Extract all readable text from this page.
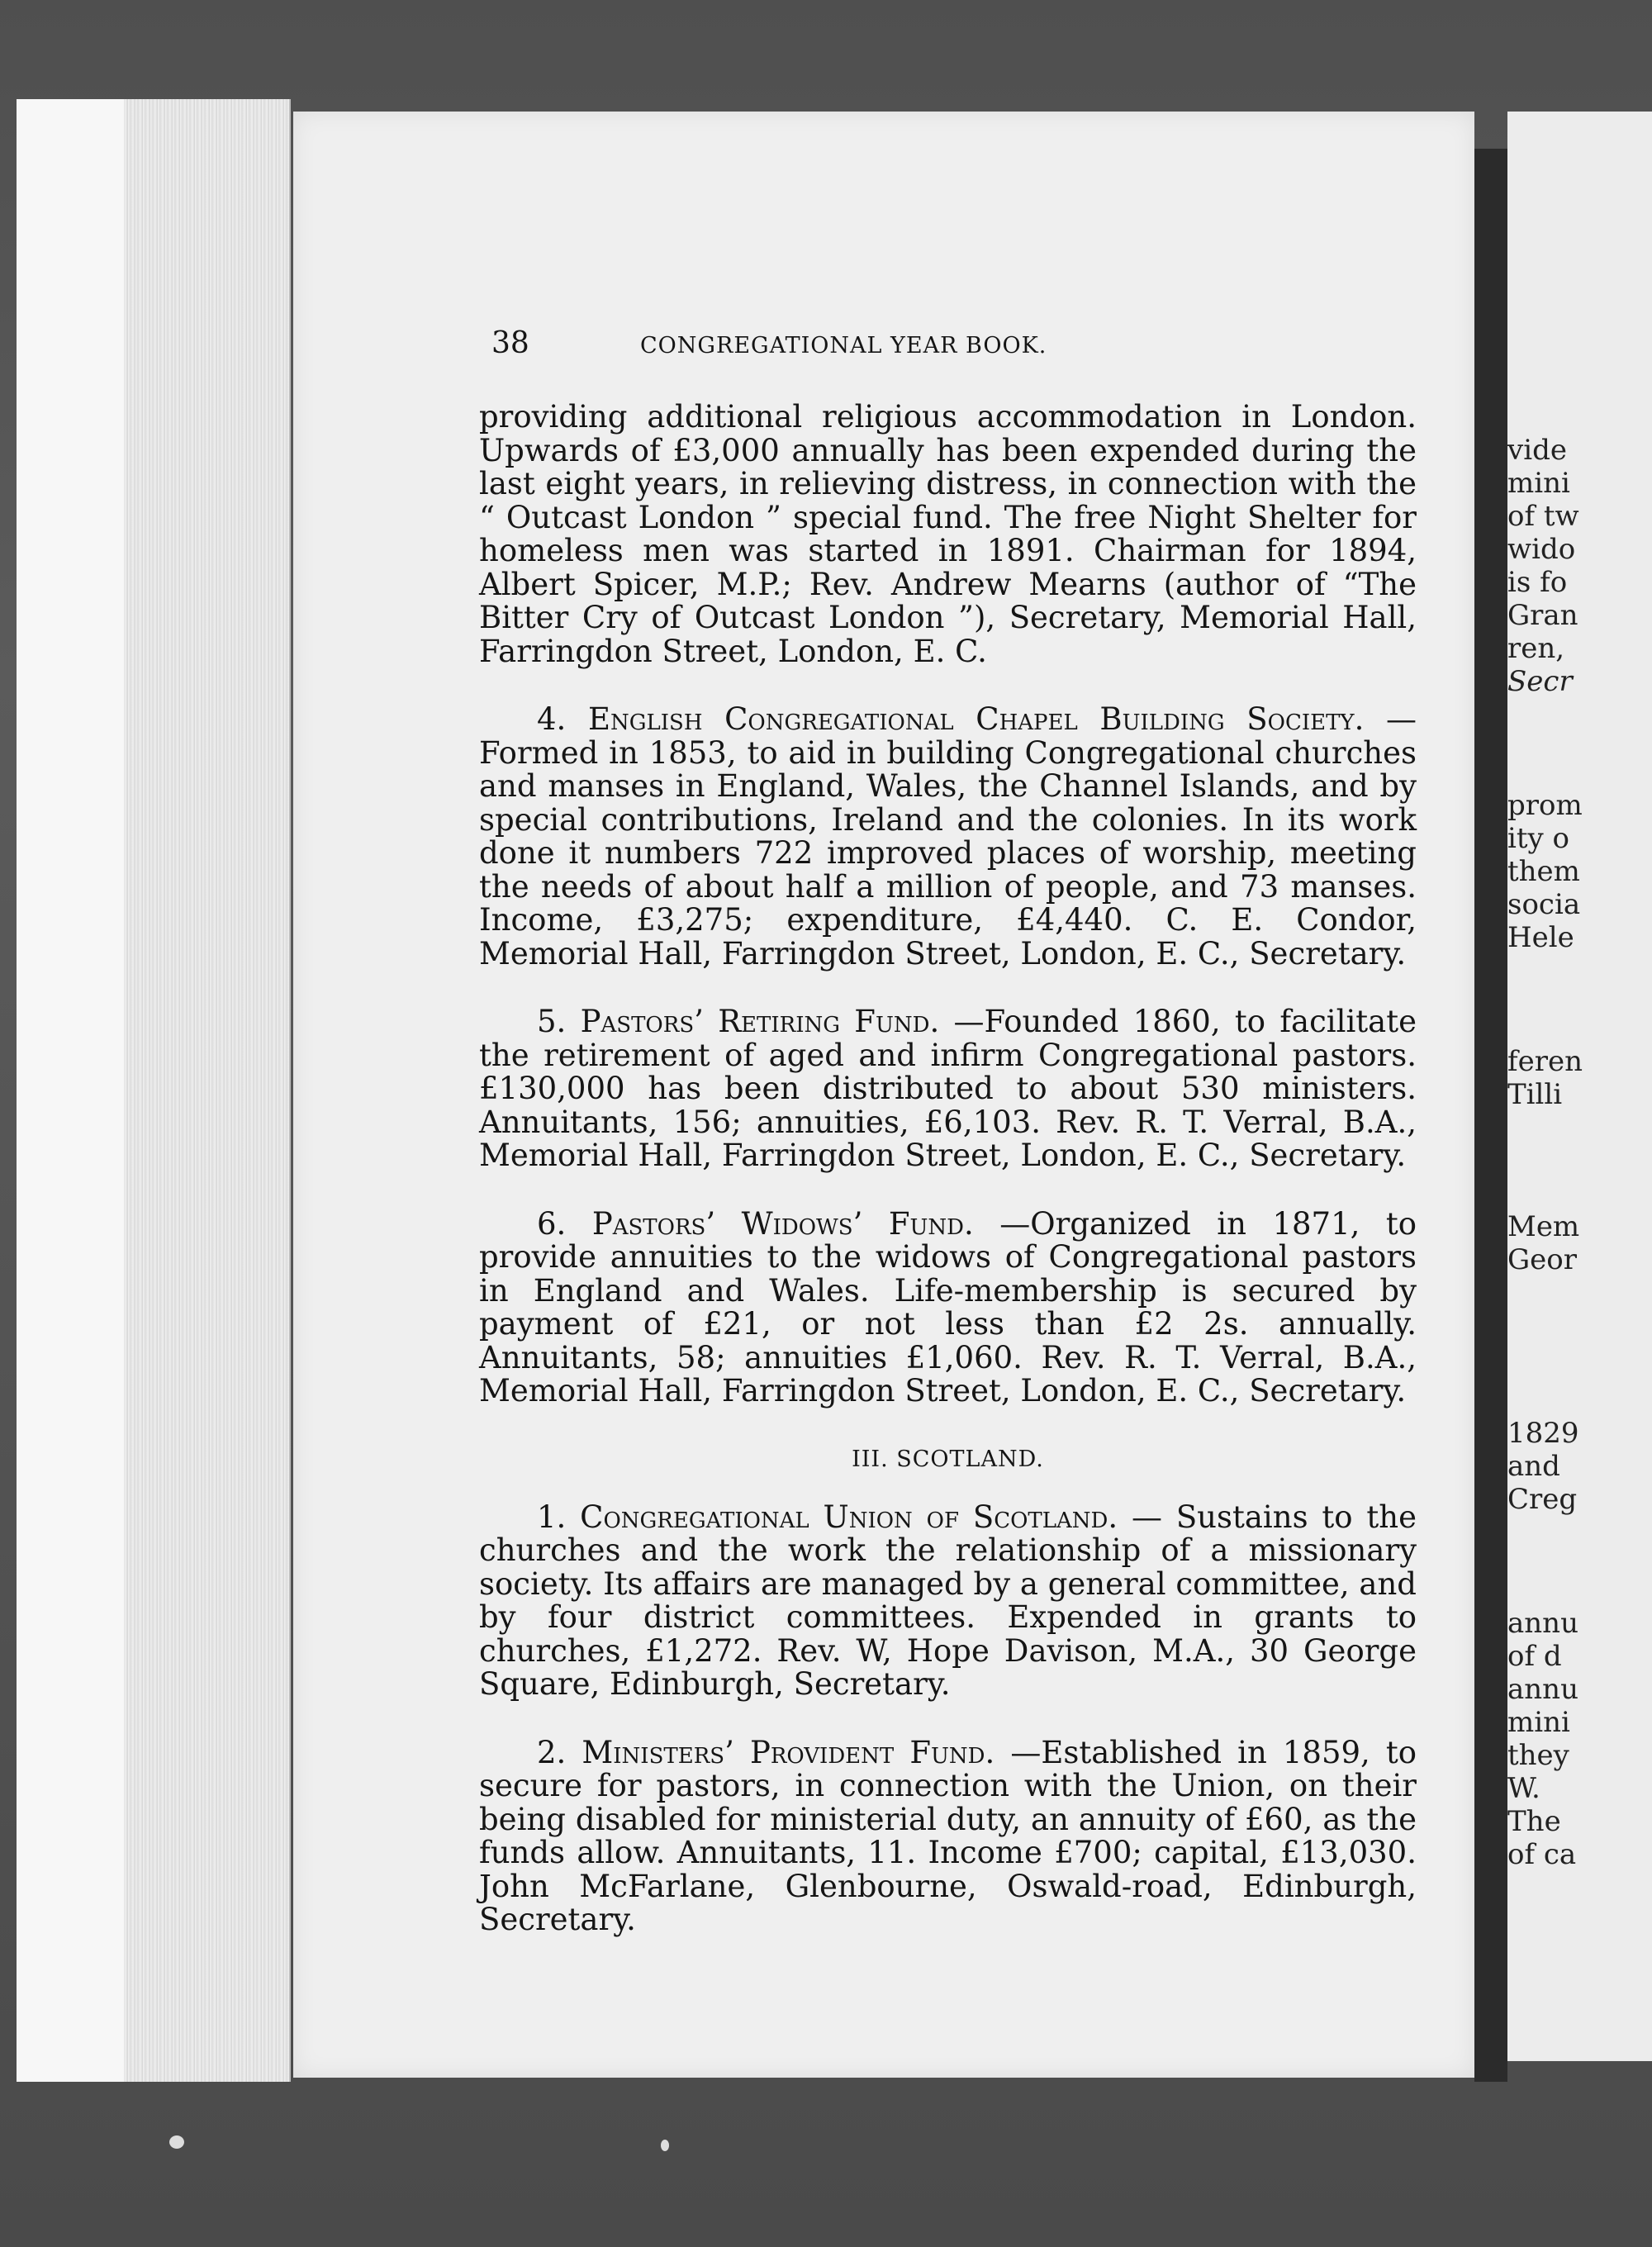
vide
mini
of tw
wido
is fo
Gran
ren,
Secr
prom
ity o
them
socia
Hele
feren
Tilli
Mem
Geor
1829
and
Creg
annu
of d
annu
mini
they
W.
The
of ca
38	CONGREGATIONAL YEAR BOOK.

providing additional religious accommodation in London. Upwards of £3,000 annually has been expended during the last eight years, in relieving distress, in connection with the “ Outcast London ” special fund. The free Night Shelter for homeless men was started in 1891. Chairman for 1894, Albert Spicer, M.P.; Rev. Andrew Mearns (author of “The Bitter Cry of Outcast London ”), Secretary, Memorial Hall, Farringdon Street, London, E. C.

4. English Congregational Chapel Building Society. —Formed in 1853, to aid in building Congregational churches and manses in England, Wales, the Channel Islands, and by special contributions, Ireland and the colonies. In its work done it numbers 722 improved places of worship, meeting the needs of about half a million of people, and 73 manses. Income, £3,275; expenditure, £4,440. C. E. Condor, Memorial Hall, Farringdon Street, London, E. C., Secretary.

5. Pastors’ Retiring Fund. —Founded 1860, to facilitate the retirement of aged and infirm Congregational pastors. £130,000 has been distributed to about 530 ministers. Annuitants, 156; annuities, £6,103. Rev. R. T. Verral, B.A., Memorial Hall, Farringdon Street, London, E. C., Secretary.

6. Pastors’ Widows’ Fund. —Organized in 1871, to provide annuities to the widows of Congregational pastors in England and Wales. Life-membership is secured by payment of £21, or not less than £2 2s. annually. Annuitants, 58; annuities £1,060. Rev. R. T. Verral, B.A., Memorial Hall, Farringdon Street, London, E. C., Secretary.

III. SCOTLAND.

1. Congregational Union of Scotland. — Sustains to the churches and the work the relationship of a missionary society. Its affairs are managed by a general committee, and by four district committees. Expended in grants to churches, £1,272. Rev. W, Hope Davison, M.A., 30 George Square, Edinburgh, Secretary.

2. Ministers’ Provident Fund. —Established in 1859, to secure for pastors, in connection with the Union, on their being disabled for ministerial duty, an annuity of £60, as the funds allow. Annuitants, 11. Income £700; capital, £13,030. John McFarlane, Glenbourne, Oswald-road, Edinburgh, Secretary.
